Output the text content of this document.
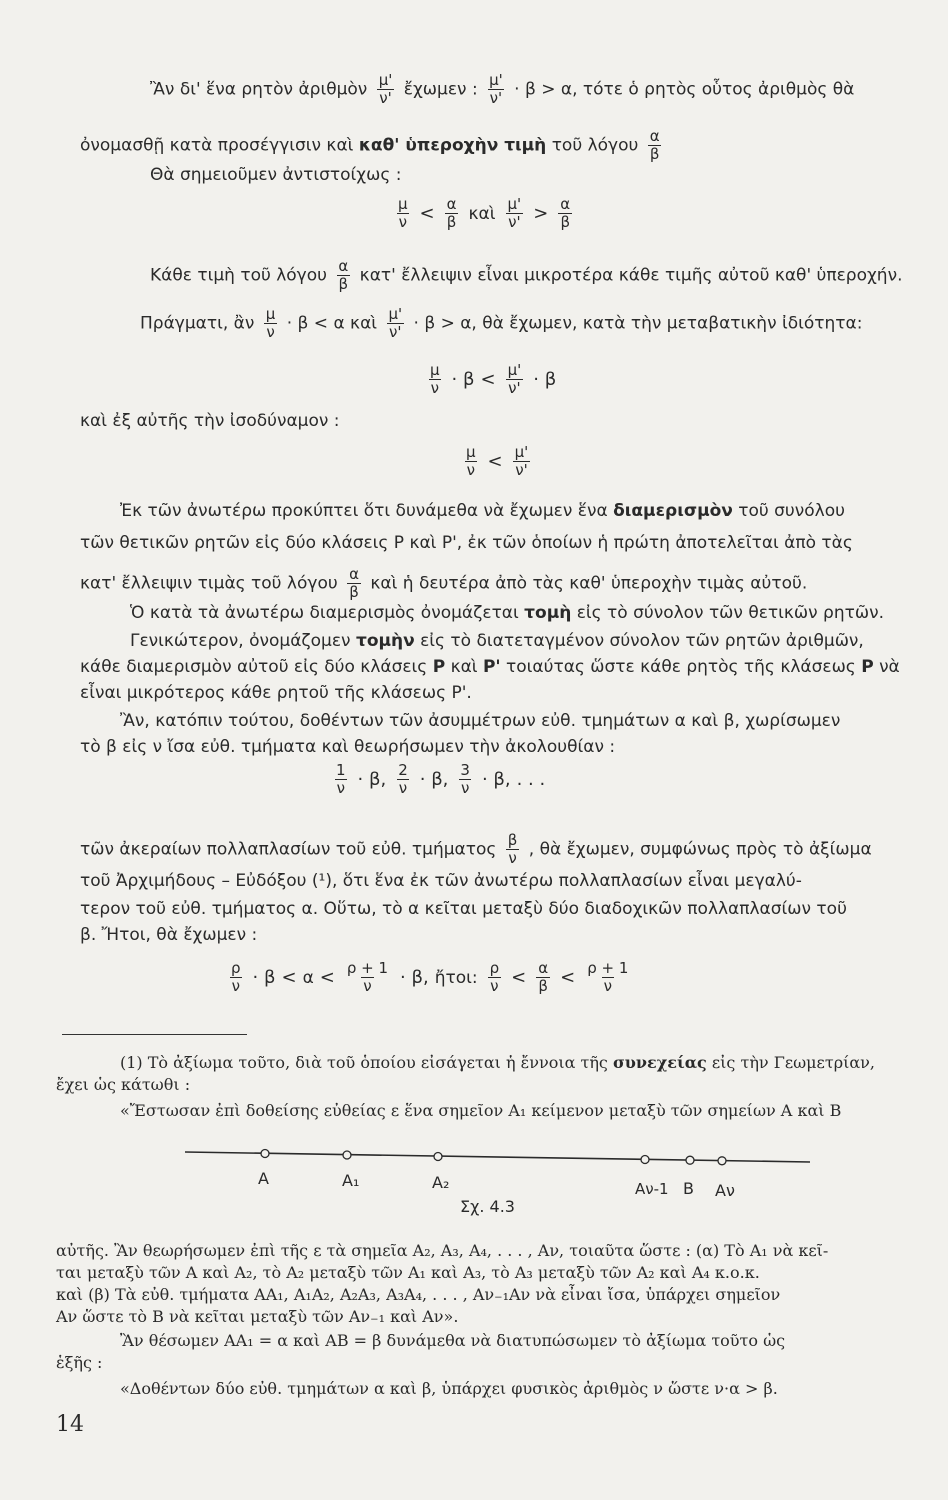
Ἂν δι' ἕνα ρητὸν ἀριθμὸν $\frac{\mu'}{\nu'}$ ἔχωμεν : $\frac{\mu'}{\nu'} \cdot \beta > \alpha$, τότε ὁ ρητὸς οὗτος ἀριθμὸς θὰ
ὀνομασθῇ κατὰ προσέγγισιν καὶ καθ' ὑπεροχὴν τιμὴ τοῦ λόγου $\frac{\alpha}{\beta}$
Θὰ σημειοῦμεν ἀντιστοίχως :
$\frac{\mu}{\nu} < \frac{\alpha}{\beta}$ καὶ $\frac{\mu'}{\nu'} > \frac{\alpha}{\beta}$
Κάθε τιμὴ τοῦ λόγου $\frac{\alpha}{\beta} \kappa\alpha\tau'$ ἔλλειψιν εἶναι μικροτέρα κάθε τιμῆς αὐτοῦ καθ' ὑπεροχήν.
Πράγματι, ἂν $\frac{\mu}{\nu} \cdot \beta < \alpha$ καὶ $\frac{\mu'}{\nu'} \cdot \beta > \alpha$, θὰ ἔχωμεν, κατὰ τὴν μεταβατικὴν ἰδιότητα:
$\frac{\mu}{\nu} \cdot \beta < \frac{\mu'}{\nu'} \cdot \beta$
καὶ ἐξ αὐτῆς τὴν ἰσοδύναμον :
$\frac{\mu}{\nu} < \frac{\mu'}{\nu'}$
Ἐκ τῶν ἀνωτέρω προκύπτει ὅτι δυνάμεθα νὰ ἔχωμεν ἕνα διαμερισμὸν τοῦ συνόλου
τῶν θετικῶν ρητῶν εἰς δύο κλάσεις P καὶ P', ἐκ τῶν ὁποίων ἡ πρώτη ἀποτελεῖται ἀπὸ τὰς
κατ' ἔλλειψιν τιμὰς τοῦ λόγου $\frac{\alpha}{\beta}$ καὶ ἡ δευτέρα ἀπὸ τὰς καθ' ὑπεροχὴν τιμὰς αὐτοῦ.
Ὁ κατὰ τὰ ἀνωτέρω διαμερισμὸς ὀνομάζεται τομὴ εἰς τὸ σύνολον τῶν θετικῶν ρητῶν.
Γενικώτερον, ὀνομάζομεν τομὴν εἰς τὸ διατεταγμένον σύνολον τῶν ρητῶν ἀριθμῶν,
κάθε διαμερισμὸν αὐτοῦ εἰς δύο κλάσεις P καὶ P' τοιαύτας ὥστε κάθε ρητὸς τῆς κλάσεως P νὰ
εἶναι μικρότερος κάθε ρητοῦ τῆς κλάσεως P'.
Ἂν, κατόπιν τούτου, δοθέντων τῶν ἀσυμμέτρων εὐθ. τμημάτων α καὶ β, χωρίσωμεν
τὸ β εἰς ν ἴσα εὐθ. τμήματα καὶ θεωρήσωμεν τὴν ἀκολουθίαν :
$\frac{1}{\nu} \cdot \beta$, $\frac{2}{\nu} \cdot \beta$, $\frac{3}{\nu} \cdot \beta$, . . .
τῶν ἀκεραίων πολλαπλασίων τοῦ εὐθ. τμήματος $\frac{\beta}{\nu}$ , θὰ ἔχωμεν, συμφώνως πρὸς τὸ ἀξίωμα
τοῦ Ἀρχιμήδους – Εὐδόξου (¹), ὅτι ἕνα ἐκ τῶν ἀνωτέρω πολλαπλασίων εἶναι μεγαλύ-
τερον τοῦ εὐθ. τμήματος α. Οὕτω, τὸ α κεῖται μεταξὺ δύο διαδοχικῶν πολλαπλασίων τοῦ
β. Ἤτοι, θὰ ἔχωμεν :
$\frac{\rho}{\nu} \cdot \beta < \alpha < \frac{\rho + 1}{\nu} \cdot \beta$, ἤτοι: $\frac{\rho}{\nu} < \frac{\alpha}{\beta} < \frac{\rho + 1}{\nu}$
(1) Τὸ ἀξίωμα τοῦτο, διὰ τοῦ ὁποίου εἰσάγεται ἡ ἔννοια τῆς συνεχείας εἰς τὴν Γεωμετρίαν,
ἔχει ὡς κάτωθι :
«Ἔστωσαν ἐπὶ δοθείσης εὐθείας ε ἕνα σημεῖον A₁ κείμενον μεταξὺ τῶν σημείων A καὶ B
A	A₁	A₂	Aν-1 B Aν
Σχ. 4.3
αὐτῆς. Ἂν θεωρήσωμεν ἐπὶ τῆς ε τὰ σημεῖα A₂, A₃, A₄, . . . , Aν, τοιαῦτα ὥστε : (α) Τὸ A₁ νὰ κεῖ-
ται μεταξὺ τῶν A καὶ A₂, τὸ A₂ μεταξὺ τῶν A₁ καὶ A₃, τὸ A₃ μεταξὺ τῶν A₂ καὶ A₄ κ.ο.κ.
καὶ (β) Τὰ εὐθ. τμήματα AA₁, A₁A₂, A₂A₃, A₃A₄, . . . , Aν₋₁Aν νὰ εἶναι ἴσα, ὑπάρχει σημεῖον
Aν ὥστε τὸ B νὰ κεῖται μεταξὺ τῶν Aν₋₁ καὶ Aν».
Ἂν θέσωμεν AA₁ = α καὶ AB = β δυνάμεθα νὰ διατυπώσωμεν τὸ ἀξίωμα τοῦτο ὡς
ἑξῆς :
«Δοθέντων δύο εὐθ. τμημάτων α καὶ β, ὑπάρχει φυσικὸς ἀριθμὸς ν ὥστε ν·α > β.
14
